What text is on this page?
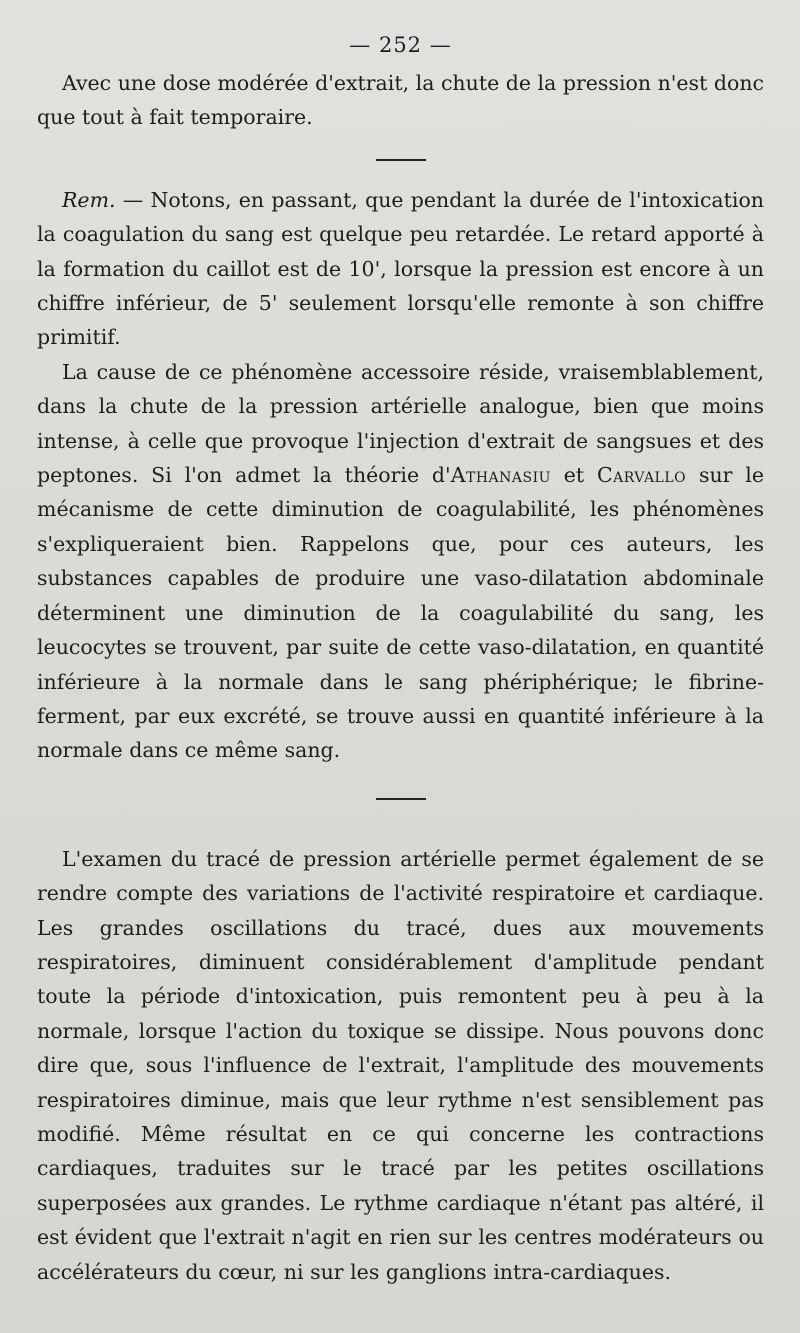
— 252 —

Avec une dose modérée d'extrait, la chute de la pression n'est donc que tout à fait temporaire.

Rem. — Notons, en passant, que pendant la durée de l'intoxication la coagulation du sang est quelque peu retardée. Le retard apporté à la formation du caillot est de 10', lorsque la pression est encore à un chiffre inférieur, de 5' seulement lorsqu'elle remonte à son chiffre primitif.

La cause de ce phénomène accessoire réside, vraisemblablement, dans la chute de la pression artérielle analogue, bien que moins intense, à celle que provoque l'injection d'extrait de sangsues et des peptones. Si l'on admet la théorie d'Athanasiu et Carvallo sur le mécanisme de cette diminution de coagulabilité, les phénomènes s'expliqueraient bien. Rappelons que, pour ces auteurs, les substances capables de produire une vaso-dilatation abdominale déterminent une diminution de la coagulabilité du sang, les leucocytes se trouvent, par suite de cette vaso-dilatation, en quantité inférieure à la normale dans le sang phériphérique; le fibrine-ferment, par eux excrété, se trouve aussi en quantité inférieure à la normale dans ce même sang.

L'examen du tracé de pression artérielle permet également de se rendre compte des variations de l'activité respiratoire et cardiaque. Les grandes oscillations du tracé, dues aux mouvements respiratoires, diminuent considérablement d'amplitude pendant toute la période d'intoxication, puis remontent peu à peu à la normale, lorsque l'action du toxique se dissipe. Nous pouvons donc dire que, sous l'influence de l'extrait, l'amplitude des mouvements respiratoires diminue, mais que leur rythme n'est sensiblement pas modifié. Même résultat en ce qui concerne les contractions cardiaques, traduites sur le tracé par les petites oscillations superposées aux grandes. Le rythme cardiaque n'étant pas altéré, il est évident que l'extrait n'agit en rien sur les centres modérateurs ou accélérateurs du cœur, ni sur les ganglions intra-cardiaques.
